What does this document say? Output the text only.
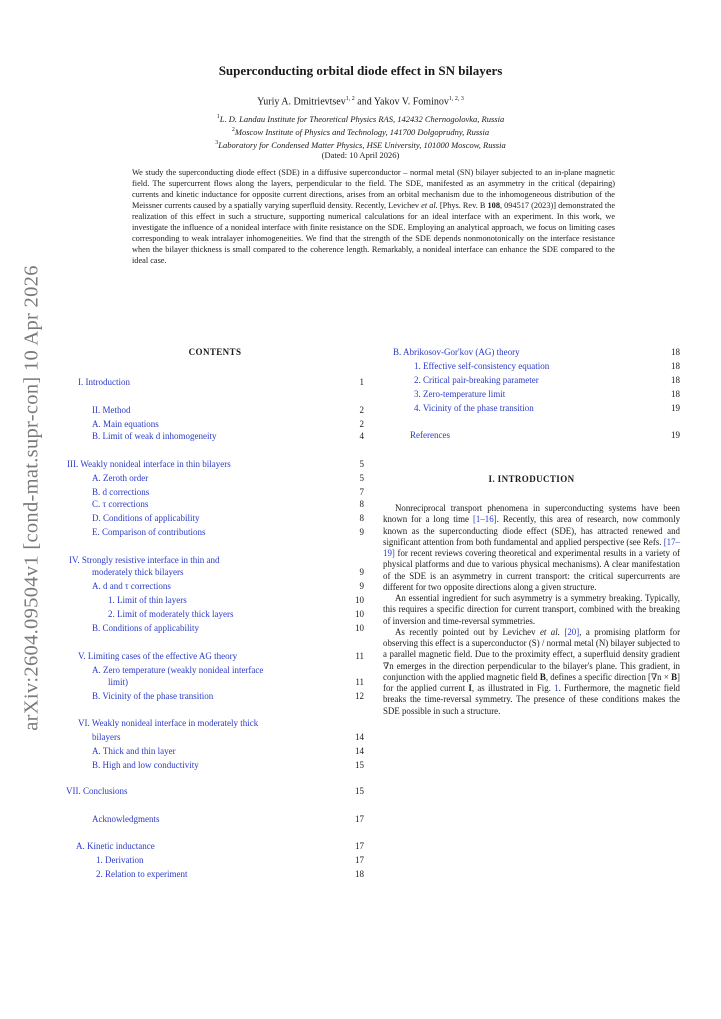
arXiv:2604.09504v1 [cond-mat.supr-con] 10 Apr 2026
Superconducting orbital diode effect in SN bilayers
Yuriy A. Dmitrievtsev$^{1, 2}$ and Yakov V. Fominov$^{1, 2, 3}$
$^1$L. D. Landau Institute for Theoretical Physics RAS, 142432 Chernogolovka, Russia
$^2$Moscow Institute of Physics and Technology, 141700 Dolgoprudny, Russia
$^3$Laboratory for Condensed Matter Physics, HSE University, 101000 Moscow, Russia
(Dated: 10 April 2026)
We study the superconducting diode effect (SDE) in a diffusive superconductor – normal metal (SN) bilayer subjected to an in-plane magnetic field. The supercurrent flows along the layers, perpendicular to the field. The SDE, manifested as an asymmetry in the critical (depairing) currents and kinetic inductance for opposite current directions, arises from an orbital mechanism due to the inhomogeneous distribution of the Meissner currents caused by a spatially varying superfluid density. Recently, Levichev et al. [Phys. Rev. B 108, 094517 (2023)] demonstrated the realization of this effect in such a structure, supporting numerical calculations for an ideal interface with an experiment. In this work, we investigate the influence of a nonideal interface with finite resistance on the SDE. Employing an analytical approach, we focus on limiting cases corresponding to weak intralayer inhomogeneities. We find that the strength of the SDE depends nonmonotonically on the interface resistance when the bilayer thickness is small compared to the coherence length. Remarkably, a nonideal interface can enhance the SDE compared to the ideal case.
CONTENTS
I. Introduction	1
II. Method	2
A. Main equations	2
B. Limit of weak d inhomogeneity	4
III. Weakly nonideal interface in thin bilayers	5
A. Zeroth order	5
B. d corrections	7
C. τ corrections	8
D. Conditions of applicability	8
E. Comparison of contributions	9
IV. Strongly resistive interface in thin and
moderately thick bilayers	9
A. d and τ corrections	9
1. Limit of thin layers	10
2. Limit of moderately thick layers	10
B. Conditions of applicability	10
V. Limiting cases of the effective AG theory	11
A. Zero temperature (weakly nonideal interface
limit)	11
B. Vicinity of the phase transition	12
VI. Weakly nonideal interface in moderately thick
bilayers	14
A. Thick and thin layer	14
B. High and low conductivity	15
VII. Conclusions	15
Acknowledgments	17
A. Kinetic inductance	17
1. Derivation	17
2. Relation to experiment	18
B. Abrikosov-Gor'kov (AG) theory	18
1. Effective self-consistency equation	18
2. Critical pair-breaking parameter	18
3. Zero-temperature limit	18
4. Vicinity of the phase transition	19
References	19
I. INTRODUCTION

Nonreciprocal transport phenomena in superconducting systems have been known for a long time [1–16]. Recently, this area of research, now commonly known as the superconducting diode effect (SDE), has attracted renewed and significant attention from both fundamental and applied perspective (see Refs. [17–19] for recent reviews covering theoretical and experimental results in a variety of physical platforms and due to various physical mechanisms). A clear manifestation of the SDE is an asymmetry in current transport: the critical supercurrents are different for two opposite directions along a given structure.

An essential ingredient for such asymmetry is a symmetry breaking. Typically, this requires a specific direction for current transport, combined with the breaking of inversion and time-reversal symmetries.

As recently pointed out by Levichev et al. [20], a promising platform for observing this effect is a superconductor (S) / normal metal (N) bilayer subjected to a parallel magnetic field. Due to the proximity effect, a superfluid density gradient ∇n emerges in the direction perpendicular to the bilayer's plane. This gradient, in conjunction with the applied magnetic field B, defines a specific direction [∇n × B] for the applied current I, as illustrated in Fig. 1. Furthermore, the magnetic field breaks the time-reversal symmetry. The presence of these conditions makes the SDE possible in such a structure.
